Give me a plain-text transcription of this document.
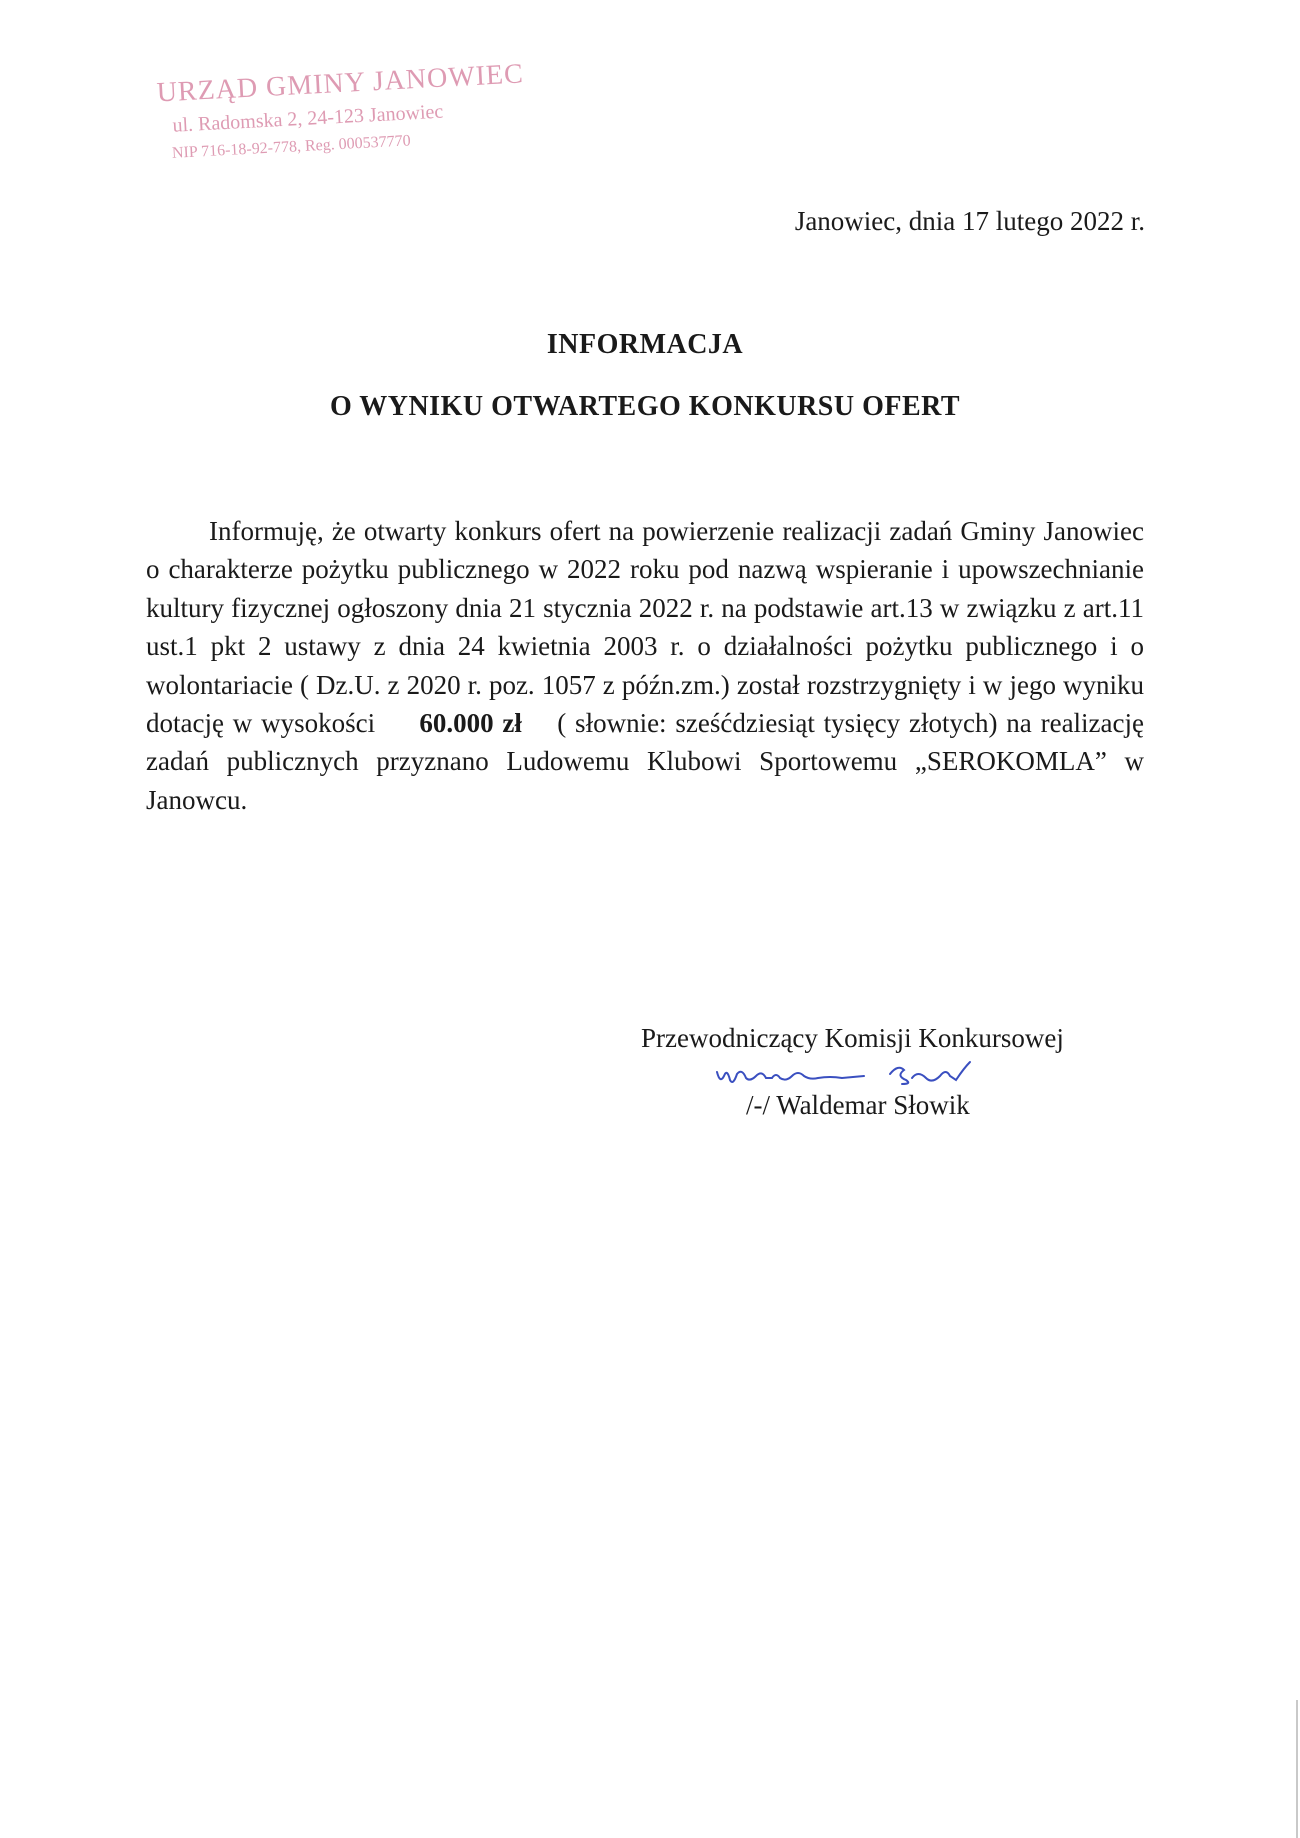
URZĄD GMINY JANOWIEC
ul. Radomska 2, 24-123 Janowiec
NIP 716-18-92-778, Reg. 000537770
Janowiec, dnia 17 lutego 2022 r.
INFORMACJA
O WYNIKU OTWARTEGO KONKURSU OFERT
Informuję, że otwarty konkurs ofert na powierzenie realizacji zadań Gminy Janowiec o charakterze pożytku publicznego w 2022 roku pod nazwą wspieranie i upowszechnianie kultury fizycznej ogłoszony dnia 21 stycznia 2022 r. na podstawie art.13 w związku z art.11 ust.1 pkt 2 ustawy z dnia 24 kwietnia 2003 r. o działalności pożytku publicznego i o wolontariacie ( Dz.U. z 2020 r. poz. 1057 z późn.zm.) został rozstrzygnięty i w jego wyniku dotację w wysokości 60.000 zł ( słownie: sześćdziesiąt tysięcy złotych) na realizację zadań publicznych przyznano Ludowemu Klubowi Sportowemu „SEROKOMLA” w Janowcu.
Przewodniczący Komisji Konkursowej
/-/ Waldemar Słowik
